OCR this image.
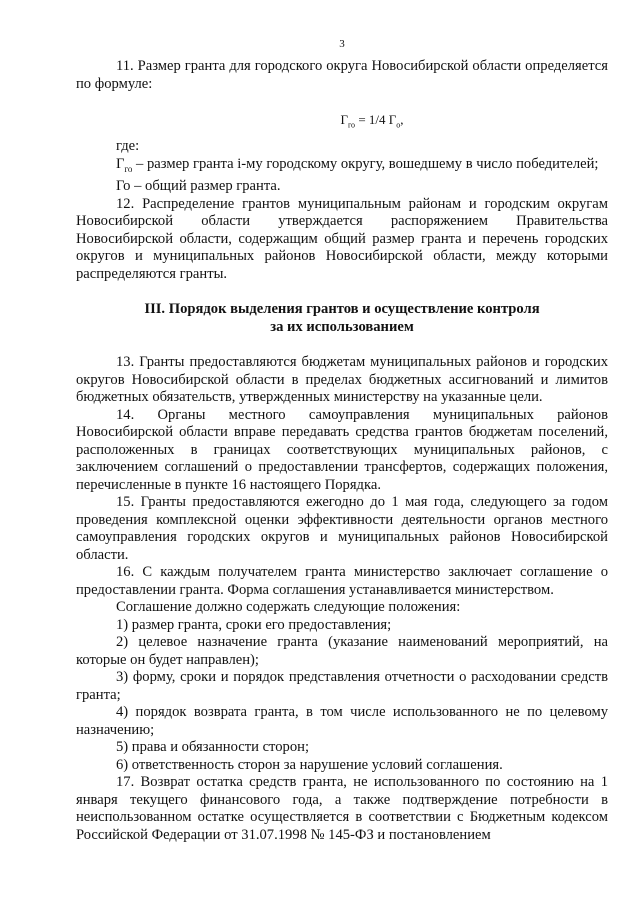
3

11. Размер гранта для городского округа Новосибирской области определяется по формуле:

$Г_{го} = 1/4$ $Г_о$,

где:

$Г_{го}$ – размер гранта i-му городскому округу, вошедшему в число победителей;

Го – общий размер гранта.

12. Распределение грантов муниципальным районам и городским округам Новосибирской области утверждается распоряжением Правительства Новосибирской области, содержащим общий размер гранта и перечень городских округов и муниципальных районов Новосибирской области, между которыми распределяются гранты.

III. Порядок выделения грантов и осуществление контроля
за их использованием

13. Гранты предоставляются бюджетам муниципальных районов и городских округов Новосибирской области в пределах бюджетных ассигнований и лимитов бюджетных обязательств, утвержденных министерству на указанные цели.

14. Органы местного самоуправления муниципальных районов Новосибирской области вправе передавать средства грантов бюджетам поселений, расположенных в границах соответствующих муниципальных районов, с заключением соглашений о предоставлении трансфертов, содержащих положения, перечисленные в пункте 16 настоящего Порядка.

15. Гранты предоставляются ежегодно до 1 мая года, следующего за годом проведения комплексной оценки эффективности деятельности органов местного самоуправления городских округов и муниципальных районов Новосибирской области.

16. С каждым получателем гранта министерство заключает соглашение о предоставлении гранта. Форма соглашения устанавливается министерством.

Соглашение должно содержать следующие положения:

1) размер гранта, сроки его предоставления;

2) целевое назначение гранта (указание наименований мероприятий, на которые он будет направлен);

3) форму, сроки и порядок представления отчетности о расходовании средств гранта;

4) порядок возврата гранта, в том числе использованного не по целевому назначению;

5) права и обязанности сторон;

6) ответственность сторон за нарушение условий соглашения.

17. Возврат остатка средств гранта, не использованного по состоянию на 1 января текущего финансового года, а также подтверждение потребности в неиспользованном остатке осуществляется в соответствии с Бюджетным кодексом Российской Федерации от 31.07.1998 № 145-ФЗ и постановлением
